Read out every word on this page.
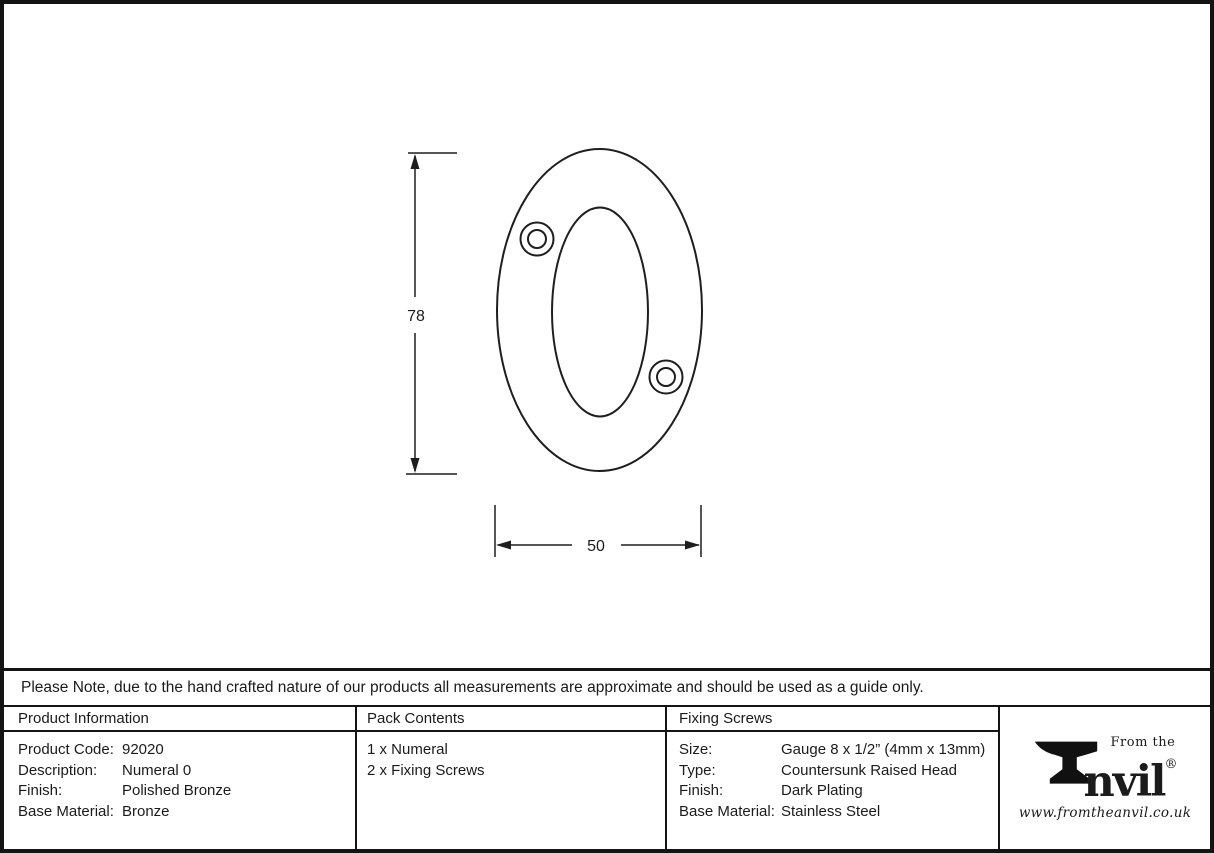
78
50
Please Note, due to the hand crafted nature of our products all measurements are approximate and should be used as a guide only.
Product Information
Product Code: 92020
Description:	Numeral 0
Finish:	Polished Bronze
Base Material: Bronze
Pack Contents
1 x Numeral
2 x Fixing Screws
Fixing Screws
Size:	Gauge 8 x 1/2” (4mm x 13mm)
Type:	Countersunk Raised Head
Finish:	Dark Plating
Base Material: Stainless Steel
From the
nvil®
www.fromtheanvil.co.uk
